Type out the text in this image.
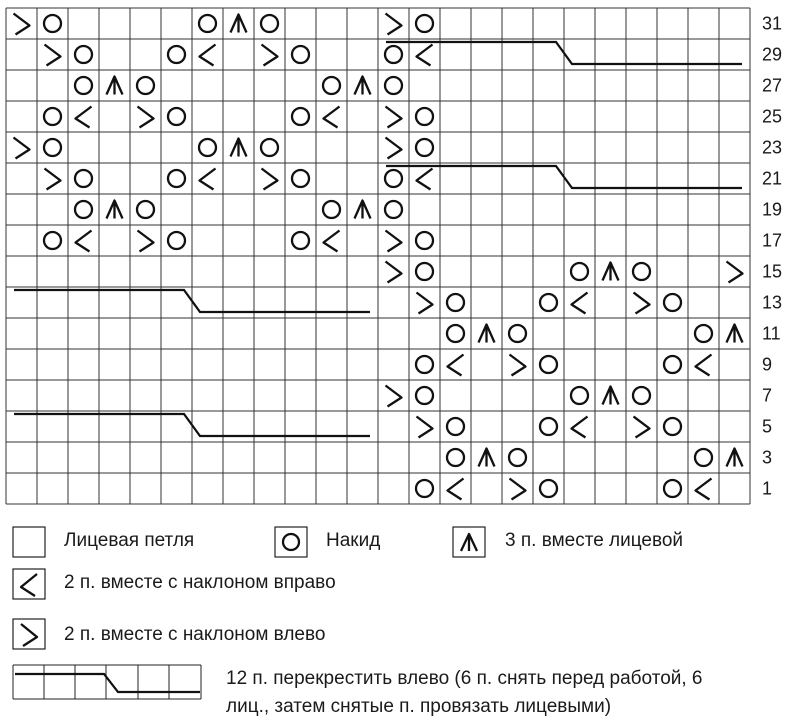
31
29
27
25
23
21
19
17
15
13
11
9
7
5
3
1
Лицевая петля	Накид	3 п. вместе лицевой
2 п. вместе с наклоном вправо
2 п. вместе с наклоном влево
12 п. перекрестить влево (6 п. снять перед работой, 6
лиц., затем снятые п. провязать лицевыми)
